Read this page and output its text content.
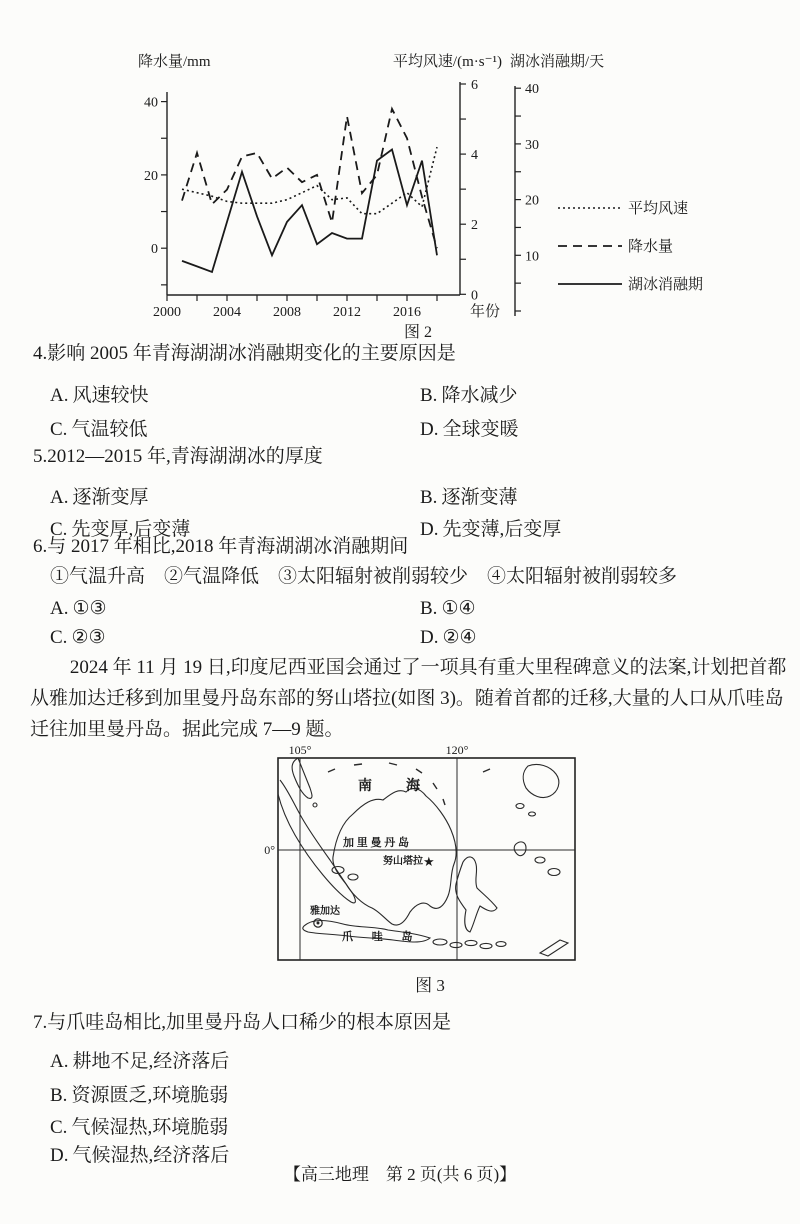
降水量/mm	平均风速/(m·s⁻¹) 湖冰消融期/天
0
20
40
0
2
4
6
10
20
30
40
2000 2004 2008 2012 2016	年份
平均风速
降水量
湖冰消融期
图 2
4.影响 2005 年青海湖湖冰消融期变化的主要原因是
A. 风速较快	B. 降水减少
C. 气温较低	D. 全球变暖
5.2012—2015 年,青海湖湖冰的厚度
A. 逐渐变厚	B. 逐渐变薄
C. 先变厚,后变薄	D. 先变薄,后变厚
6.与 2017 年相比,2018 年青海湖湖冰消融期间
①气温升高　②气温降低　③太阳辐射被削弱较少　④太阳辐射被削弱较多
A. ①③	B. ①④
C. ②③	D. ②④
2024 年 11 月 19 日,印度尼西亚国会通过了一项具有重大里程碑意义的法案,计划把首都
从雅加达迁移到加里曼丹岛东部的努山塔拉(如图 3)。随着首都的迁移,大量的人口从爪哇岛
迁往加里曼丹岛。据此完成 7—9 题。
105°	120°
0°
南　海
加 里 曼 丹 岛
努山塔拉 ★
雅加达
爪 哇 岛
图 3
7.与爪哇岛相比,加里曼丹岛人口稀少的根本原因是
A. 耕地不足,经济落后
B. 资源匮乏,环境脆弱
C. 气候湿热,环境脆弱
D. 气候湿热,经济落后
【高三地理　第 2 页(共 6 页)】
